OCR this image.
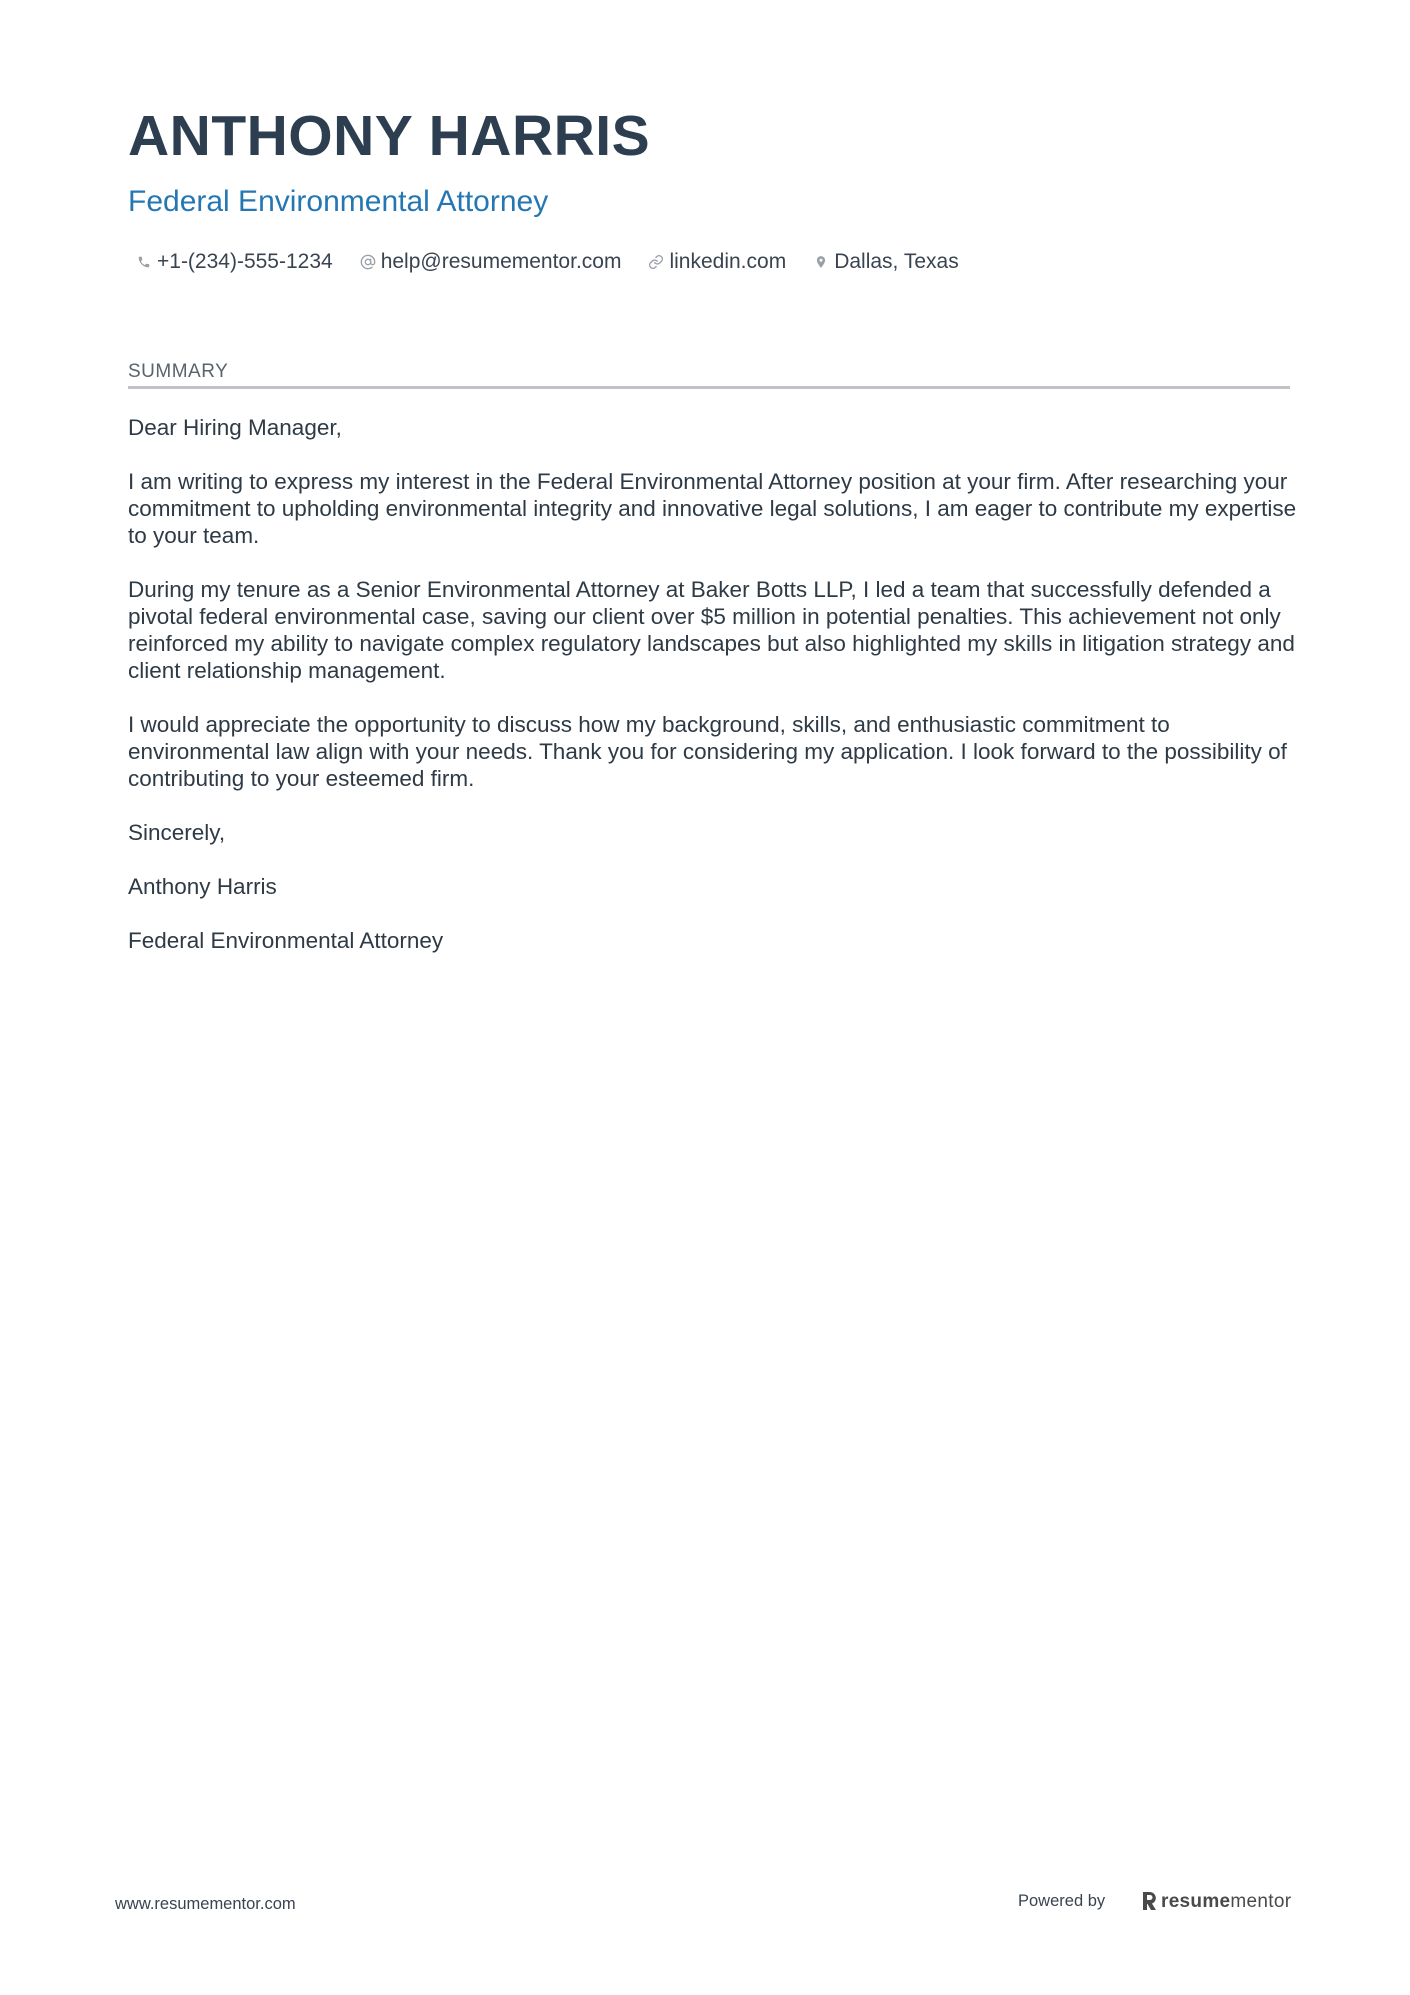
ANTHONY HARRIS
Federal Environmental Attorney
+1-(234)-555-1234 help@resumementor.com linkedin.com Dallas, Texas
SUMMARY

Dear Hiring Manager,

I am writing to express my interest in the Federal Environmental Attorney position at your firm. After researching your commitment to upholding environmental integrity and innovative legal solutions, I am eager to contribute my expertise to your team.

During my tenure as a Senior Environmental Attorney at Baker Botts LLP, I led a team that successfully defended a pivotal federal environmental case, saving our client over $5 million in potential penalties. This achievement not only reinforced my ability to navigate complex regulatory landscapes but also highlighted my skills in litigation strategy and client relationship management.

I would appreciate the opportunity to discuss how my background, skills, and enthusiastic commitment to environmental law align with your needs. Thank you for considering my application. I look forward to the possibility of contributing to your esteemed firm.

Sincerely,

Anthony Harris

Federal Environmental Attorney

www.resumementor.com	Powered by	resumementor
